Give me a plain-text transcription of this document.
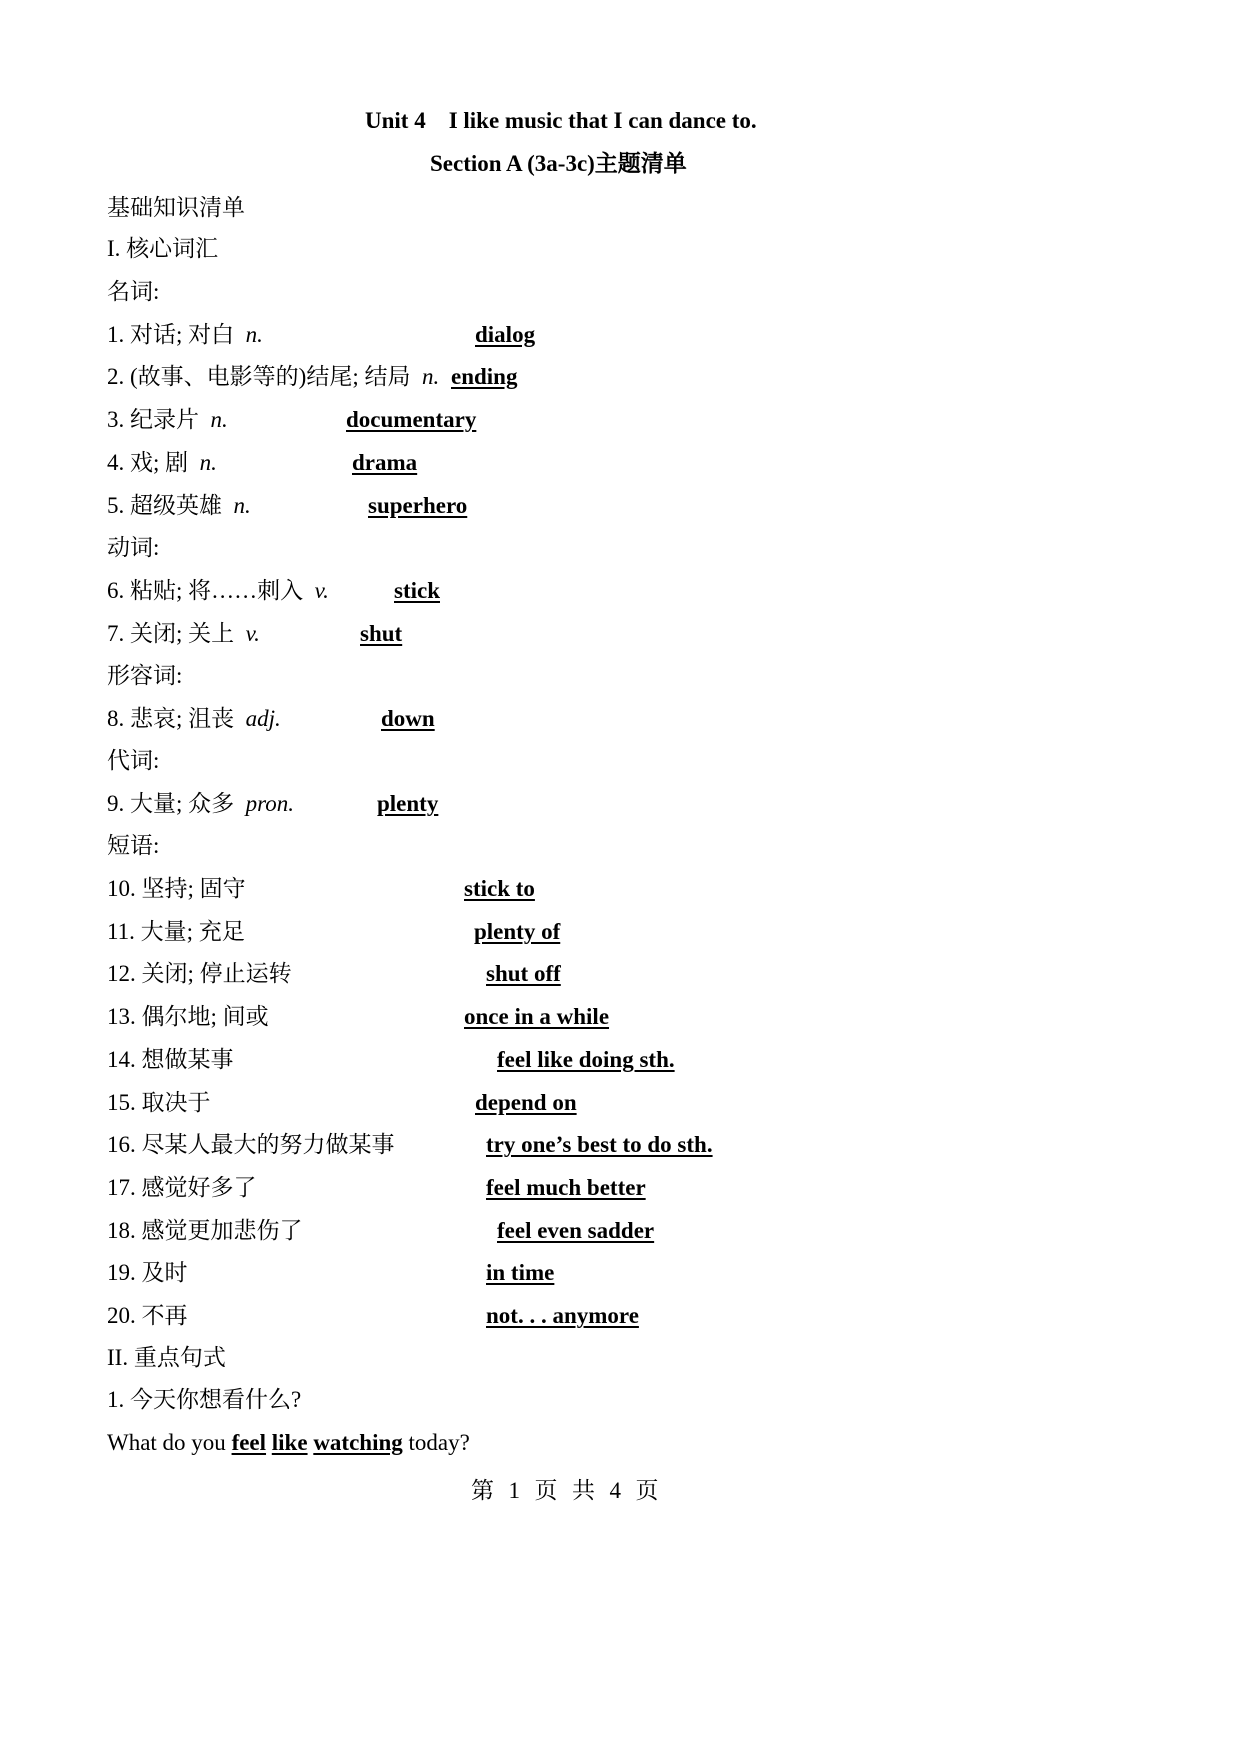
Unit 4    I like music that I can dance to.
Section A (3a-3c)主题清单
基础知识清单
I. 核心词汇
名词:
1. 对话; 对白 n.	dialog
2. (故事、电影等的)结尾; 结局 n. ending
3. 纪录片 n.	documentary
4. 戏; 剧 n.	drama
5. 超级英雄 n.	superhero
动词:
6. 粘贴; 将……刺入 v.	stick
7. 关闭; 关上 v.	shut
形容词:
8. 悲哀; 沮丧 adj.	down
代词:
9. 大量; 众多 pron.	plenty
短语:
10. 坚持; 固守	stick to
11. 大量; 充足	plenty of
12. 关闭; 停止运转	shut off
13. 偶尔地; 间或	once in a while
14. 想做某事	feel like doing sth.
15. 取决于	depend on
16. 尽某人最大的努力做某事	try one’s best to do sth.
17. 感觉好多了	feel much better
18. 感觉更加悲伤了	feel even sadder
19. 及时	in time
20. 不再	not. . . anymore
II. 重点句式
1. 今天你想看什么?
What do you feel like watching today?
第  1  页  共  4  页
